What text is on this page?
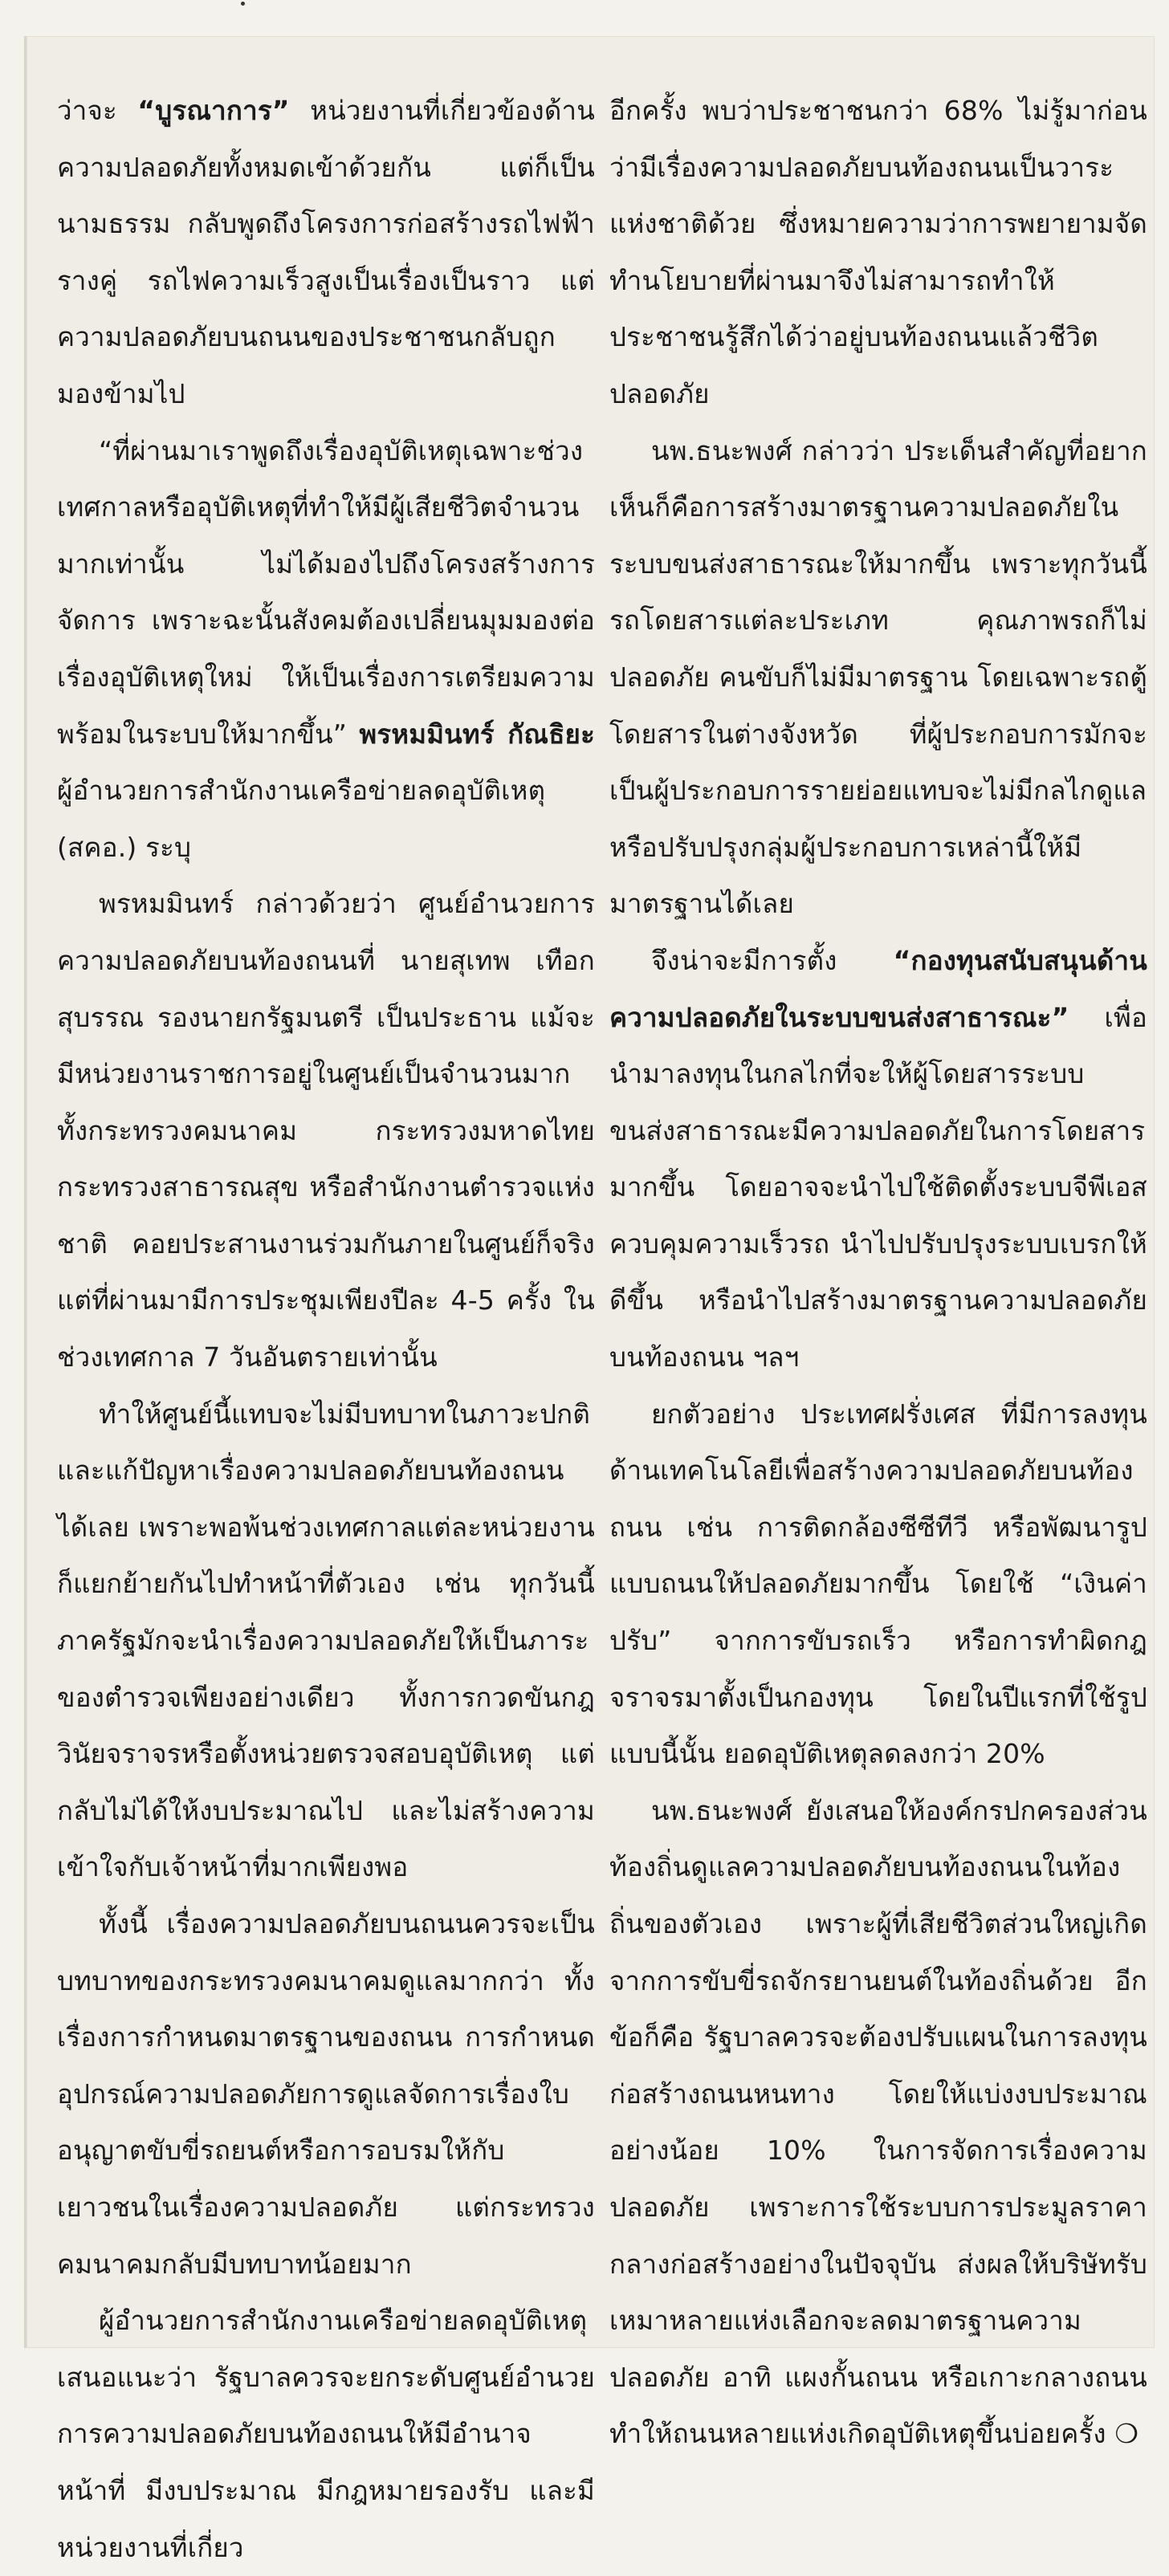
ว่าจะ “บูรณาการ” หน่วยงานที่เกี่ยวข้องด้านความปลอดภัยทั้งหมดเข้าด้วยกัน แต่ก็เป็นนามธรรม กลับพูดถึงโครงการก่อสร้างรถไฟฟ้ารางคู่ รถไฟความเร็วสูงเป็นเรื่องเป็นราว แต่ความปลอดภัยบนถนนของประชาชนกลับถูกมองข้ามไป

“ที่ผ่านมาเราพูดถึงเรื่องอุบัติเหตุเฉพาะช่วงเทศกาลหรืออุบัติเหตุที่ทำให้มีผู้เสียชีวิตจำนวนมากเท่านั้น ไม่ได้มองไปถึงโครงสร้างการจัดการ เพราะฉะนั้นสังคมต้องเปลี่ยนมุมมองต่อเรื่องอุบัติเหตุใหม่ ให้เป็นเรื่องการเตรียมความพร้อมในระบบให้มากขึ้น” พรหมมินทร์ กัณธิยะ ผู้อำนวยการสำนักงานเครือข่ายลดอุบัติเหตุ (สคอ.) ระบุ

พรหมมินทร์ กล่าวด้วยว่า ศูนย์อำนวยการความปลอดภัยบนท้องถนนที่ นายสุเทพ เทือกสุบรรณ รองนายกรัฐมนตรี เป็นประธาน แม้จะมีหน่วยงานราชการอยู่ในศูนย์เป็นจำนวนมาก ทั้งกระทรวงคมนาคม กระทรวงมหาดไทย กระทรวงสาธารณสุข หรือสำนักงานตำรวจแห่งชาติ คอยประสานงานร่วมกันภายในศูนย์ก็จริง แต่ที่ผ่านมามีการประชุมเพียงปีละ 4-5 ครั้ง ในช่วงเทศกาล 7 วันอันตรายเท่านั้น

ทำให้ศูนย์นี้แทบจะไม่มีบทบาทในภาวะปกติและแก้ปัญหาเรื่องความปลอดภัยบนท้องถนนได้เลย เพราะพอพ้นช่วงเทศกาลแต่ละหน่วยงานก็แยกย้ายกันไปทำหน้าที่ตัวเอง เช่น ทุกวันนี้ภาครัฐมักจะนำเรื่องความปลอดภัยให้เป็นภาระของตำรวจเพียงอย่างเดียว ทั้งการกวดขันกฎวินัยจราจรหรือตั้งหน่วยตรวจสอบอุบัติเหตุ แต่กลับไม่ได้ให้งบประมาณไป และไม่สร้างความเข้าใจกับเจ้าหน้าที่มากเพียงพอ

ทั้งนี้ เรื่องความปลอดภัยบนถนนควรจะเป็นบทบาทของกระทรวงคมนาคมดูแลมากกว่า ทั้งเรื่องการกำหนดมาตรฐานของถนน การกำหนดอุปกรณ์ความปลอดภัยการดูแลจัดการเรื่องใบอนุญาตขับขี่รถยนต์หรือการอบรมให้กับเยาวชนในเรื่องความปลอดภัย แต่กระทรวงคมนาคมกลับมีบทบาทน้อยมาก

ผู้อำนวยการสำนักงานเครือข่ายลดอุบัติเหตุ เสนอแนะว่า รัฐบาลควรจะยกระดับศูนย์อำนวยการความปลอดภัยบนท้องถนนให้มีอำนาจหน้าที่ มีงบประมาณ มีกฎหมายรองรับ และมีหน่วยงานที่เกี่ยว

อีกครั้ง พบว่าประชาชนกว่า 68% ไม่รู้มาก่อนว่ามีเรื่องความปลอดภัยบนท้องถนนเป็นวาระแห่งชาติด้วย ซึ่งหมายความว่าการพยายามจัดทำนโยบายที่ผ่านมาจึงไม่สามารถทำให้ประชาชนรู้สึกได้ว่าอยู่บนท้องถนนแล้วชีวิตปลอดภัย

นพ.ธนะพงศ์ กล่าวว่า ประเด็นสำคัญที่อยากเห็นก็คือการสร้างมาตรฐานความปลอดภัยในระบบขนส่งสาธารณะให้มากขึ้น เพราะทุกวันนี้รถโดยสารแต่ละประเภท คุณภาพรถก็ไม่ปลอดภัย คนขับก็ไม่มีมาตรฐาน โดยเฉพาะรถตู้โดยสารในต่างจังหวัด ที่ผู้ประกอบการมักจะเป็นผู้ประกอบการรายย่อยแทบจะไม่มีกลไกดูแล หรือปรับปรุงกลุ่มผู้ประกอบการเหล่านี้ให้มีมาตรฐานได้เลย

จึงน่าจะมีการตั้ง “กองทุนสนับสนุนด้านความปลอดภัยในระบบขนส่งสาธารณะ” เพื่อนำมาลงทุนในกลไกที่จะให้ผู้โดยสารระบบขนส่งสาธารณะมีความปลอดภัยในการโดยสารมากขึ้น โดยอาจจะนำไปใช้ติดตั้งระบบจีพีเอสควบคุมความเร็วรถ นำไปปรับปรุงระบบเบรกให้ดีขึ้น หรือนำไปสร้างมาตรฐานความปลอดภัยบนท้องถนน ฯลฯ

ยกตัวอย่าง ประเทศฝรั่งเศส ที่มีการลงทุนด้านเทคโนโลยีเพื่อสร้างความปลอดภัยบนท้องถนน เช่น การติดกล้องซีซีทีวี หรือพัฒนารูปแบบถนนให้ปลอดภัยมากขึ้น โดยใช้ “เงินค่าปรับ” จากการขับรถเร็ว หรือการทำผิดกฎจราจรมาตั้งเป็นกองทุน โดยในปีแรกที่ใช้รูปแบบนี้นั้น ยอดอุบัติเหตุลดลงกว่า 20%

นพ.ธนะพงศ์ ยังเสนอให้องค์กรปกครองส่วนท้องถิ่นดูแลความปลอดภัยบนท้องถนนในท้องถิ่นของตัวเอง เพราะผู้ที่เสียชีวิตส่วนใหญ่เกิดจากการขับขี่รถจักรยานยนต์ในท้องถิ่นด้วย อีกข้อก็คือ รัฐบาลควรจะต้องปรับแผนในการลงทุนก่อสร้างถนนหนทาง โดยให้แบ่งงบประมาณอย่างน้อย 10% ในการจัดการเรื่องความปลอดภัย เพราะการใช้ระบบการประมูลราคากลางก่อสร้างอย่างในปัจจุบัน ส่งผลให้บริษัทรับเหมาหลายแห่งเลือกจะลดมาตรฐานความปลอดภัย อาทิ แผงกั้นถนน หรือเกาะกลางถนน ทำให้ถนนหลายแห่งเกิดอุบัติเหตุขึ้นบ่อยครั้ง ❍
